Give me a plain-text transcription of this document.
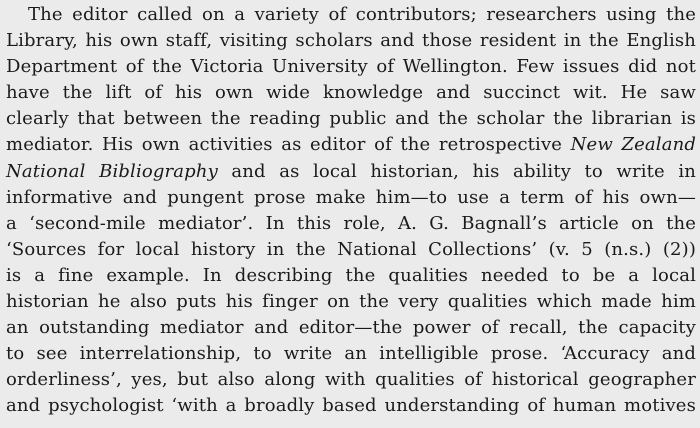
The editor called on a variety of contributors; researchers using the
Library, his own staff, visiting scholars and those resident in the English
Department of the Victoria University of Wellington. Few issues did not
have the lift of his own wide knowledge and succinct wit. He saw
clearly that between the reading public and the scholar the librarian is
mediator. His own activities as editor of the retrospective New Zealand
National Bibliography and as local historian, his ability to write in
informative and pungent prose make him—to use a term of his own—
a ‘second-mile mediator’. In this role, A. G. Bagnall’s article on the
‘Sources for local history in the National Collections’ (v. 5 (n.s.) (2))
is a fine example. In describing the qualities needed to be a local
historian he also puts his finger on the very qualities which made him
an outstanding mediator and editor—the power of recall, the capacity
to see interrelationship, to write an intelligible prose. ‘Accuracy and
orderliness’, yes, but also along with qualities of historical geographer
and psychologist ‘with a broadly based understanding of human motives
